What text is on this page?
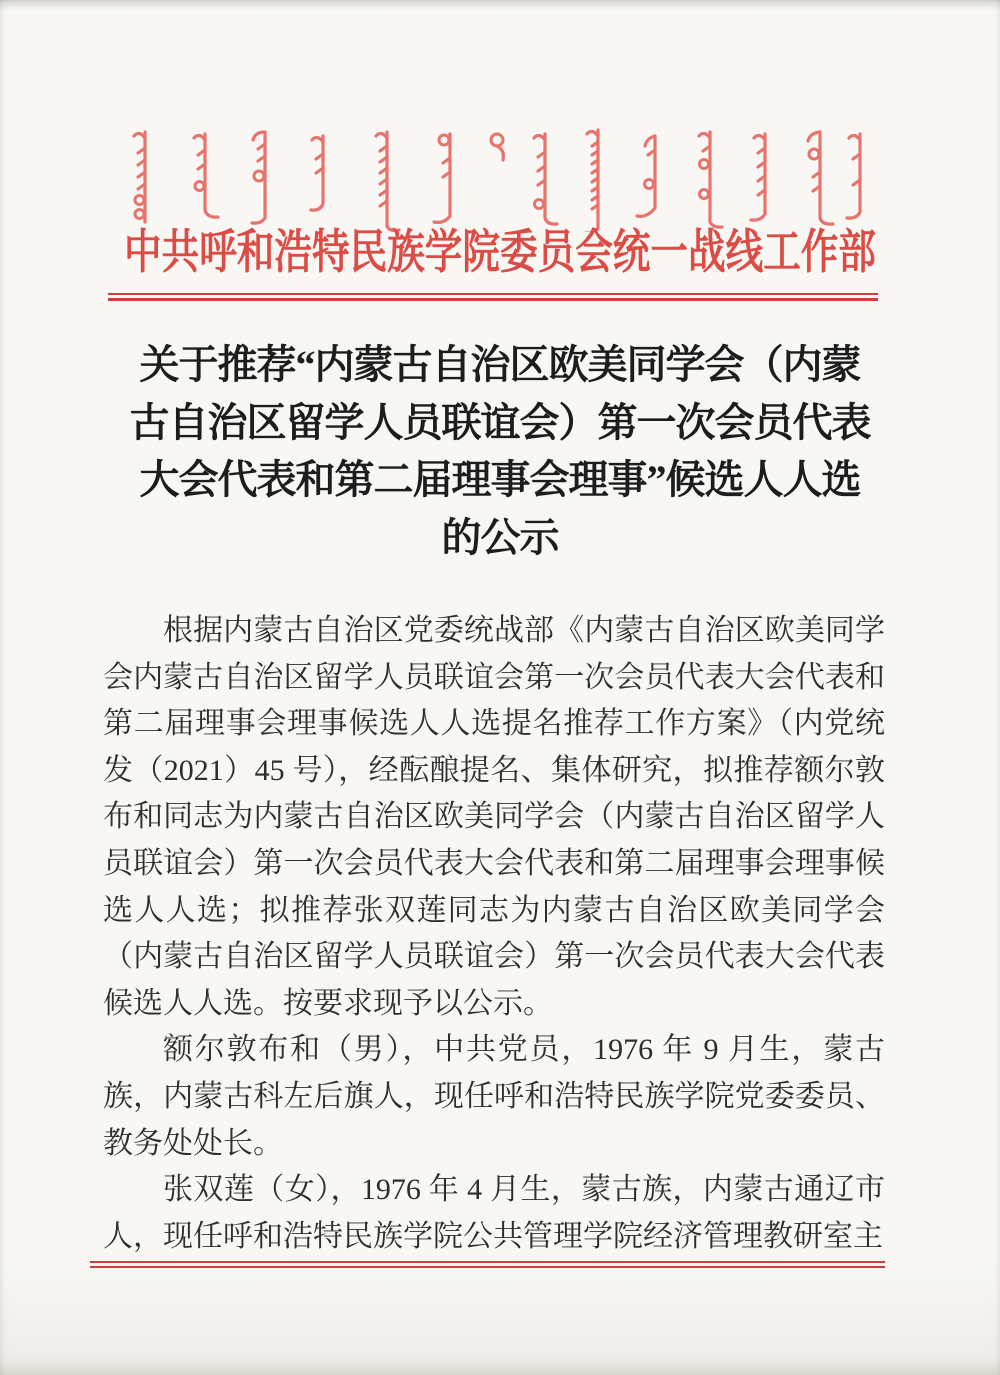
中共呼和浩特民族学院委员会统一战线工作部
关于推荐“内蒙古自治区欧美同学会（内蒙
古自治区留学人员联谊会）第一次会员代表
大会代表和第二届理事会理事”候选人人选
的公示

根据内蒙古自治区党委统战部《内蒙古自治区欧美同学会内蒙古自治区留学人员联谊会第一次会员代表大会代表和第二届理事会理事候选人人选提名推荐工作方案》（内党统发（2021）45 号），经酝酿提名、集体研究，拟推荐额尔敦布和同志为内蒙古自治区欧美同学会（内蒙古自治区留学人员联谊会）第一次会员代表大会代表和第二届理事会理事候选人人选；拟推荐张双莲同志为内蒙古自治区欧美同学会（内蒙古自治区留学人员联谊会）第一次会员代表大会代表候选人人选。按要求现予以公示。

额尔敦布和（男），中共党员，1976 年 9 月生，蒙古族，内蒙古科左后旗人，现任呼和浩特民族学院党委委员、教务处处长。

张双莲（女），1976 年 4 月生，蒙古族，内蒙古通辽市人，现任呼和浩特民族学院公共管理学院经济管理教研室主
